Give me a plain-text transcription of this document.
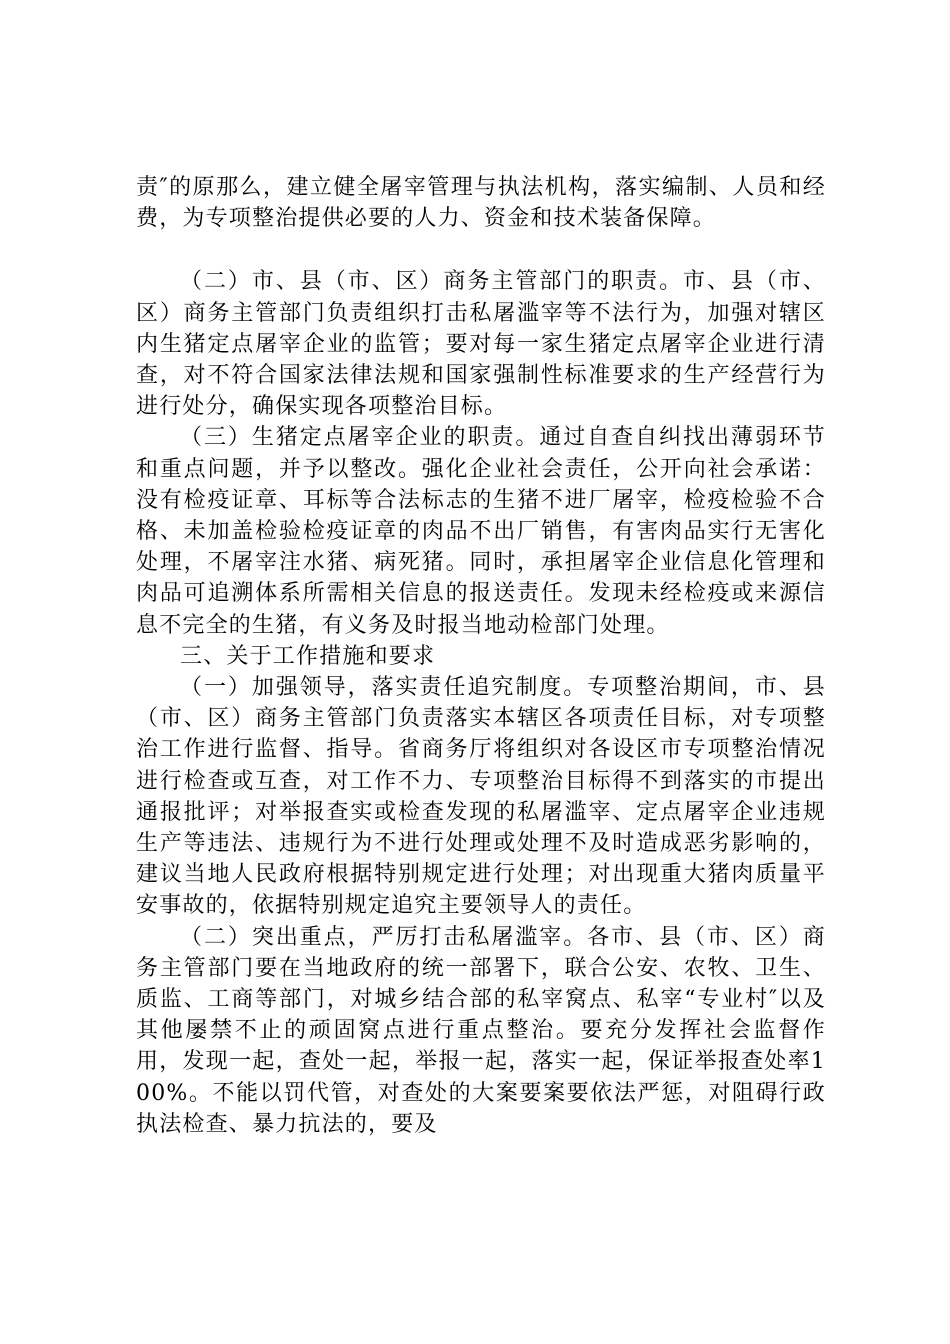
责″的原那么，建立健全屠宰管理与执法机构，落实编制、人员和经费，为专项整治提供必要的人力、资金和技术装备保障。

（二）市、县（市、区）商务主管部门的职责。市、县（市、区）商务主管部门负责组织打击私屠滥宰等不法行为，加强对辖区内生猪定点屠宰企业的监管；要对每一家生猪定点屠宰企业进行清查，对不符合国家法律法规和国家强制性标准要求的生产经营行为进行处分，确保实现各项整治目标。

（三）生猪定点屠宰企业的职责。通过自查自纠找出薄弱环节和重点问题，并予以整改。强化企业社会责任，公开向社会承诺：没有检疫证章、耳标等合法标志的生猪不进厂屠宰，检疫检验不合格、未加盖检验检疫证章的肉品不出厂销售，有害肉品实行无害化处理，不屠宰注水猪、病死猪。同时，承担屠宰企业信息化管理和肉品可追溯体系所需相关信息的报送责任。发现未经检疫或来源信息不完全的生猪，有义务及时报当地动检部门处理。

三、关于工作措施和要求

（一）加强领导，落实责任追究制度。专项整治期间，市、县（市、区）商务主管部门负责落实本辖区各项责任目标，对专项整治工作进行监督、指导。省商务厅将组织对各设区市专项整治情况进行检查或互查，对工作不力、专项整治目标得不到落实的市提出通报批评；对举报查实或检查发现的私屠滥宰、定点屠宰企业违规生产等违法、违规行为不进行处理或处理不及时造成恶劣影响的，建议当地人民政府根据特别规定进行处理；对出现重大猪肉质量平安事故的，依据特别规定追究主要领导人的责任。

（二）突出重点，严厉打击私屠滥宰。各市、县（市、区）商务主管部门要在当地政府的统一部署下，联合公安、农牧、卫生、质监、工商等部门，对城乡结合部的私宰窝点、私宰“专业村″以及其他屡禁不止的顽固窝点进行重点整治。要充分发挥社会监督作用，发现一起，查处一起，举报一起，落实一起，保证举报查处率100%。不能以罚代管，对查处的大案要案要依法严惩，对阻碍行政执法检查、暴力抗法的，要及
